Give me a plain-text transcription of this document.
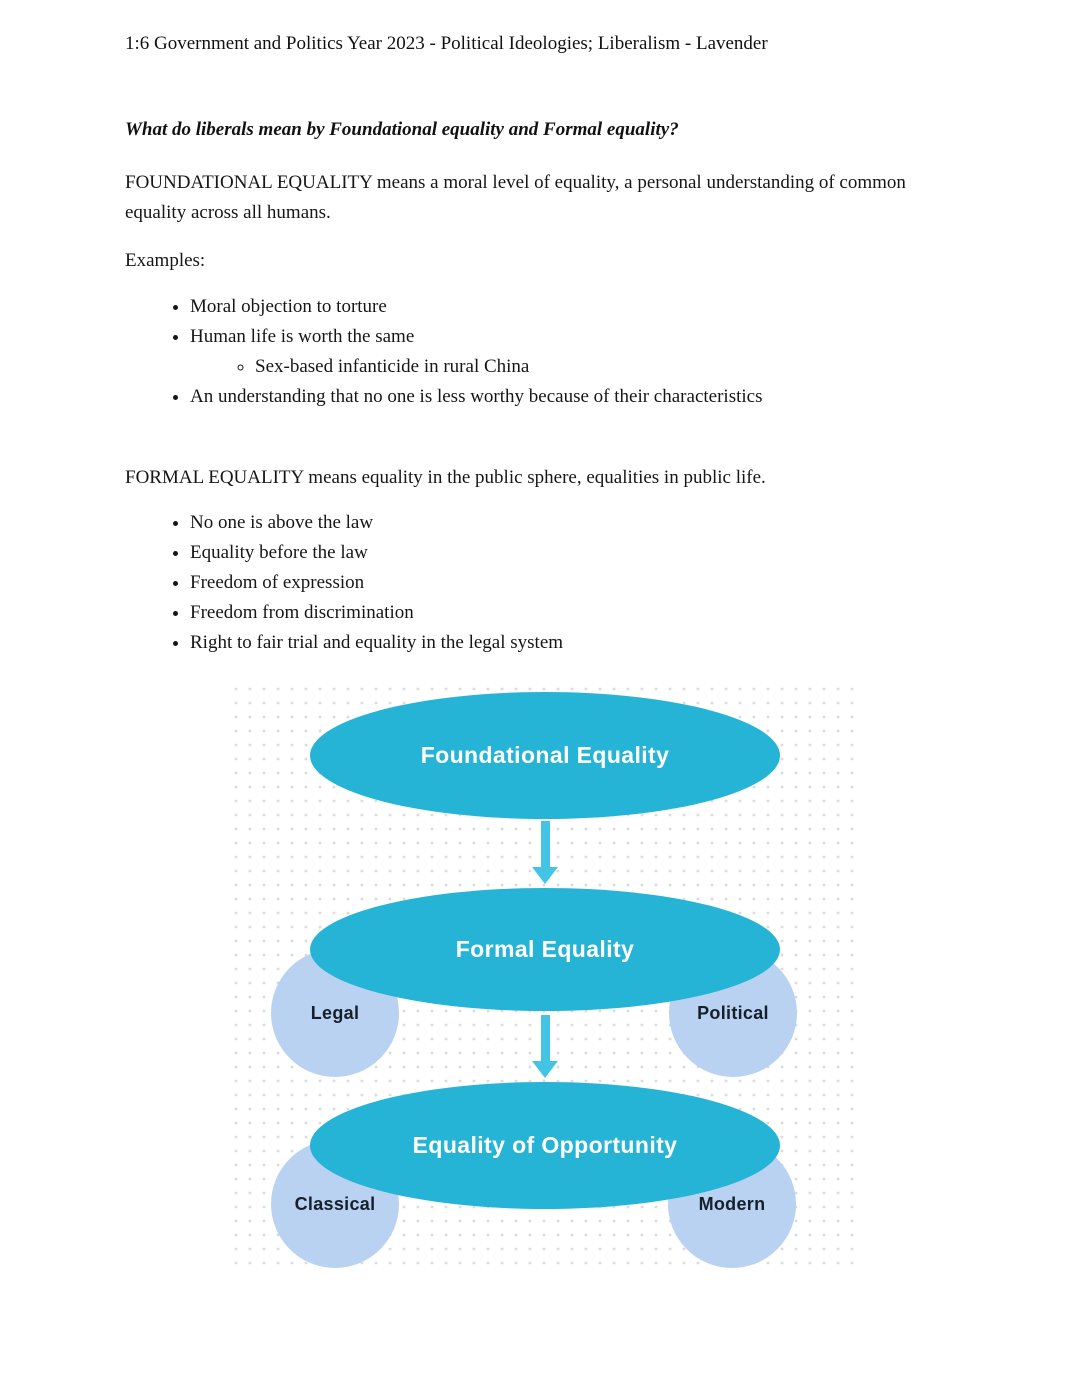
1:6 Government and Politics Year 2023 - Political Ideologies; Liberalism - Lavender
What do liberals mean by Foundational equality and Formal equality?

FOUNDATIONAL EQUALITY means a moral level of equality, a personal understanding of common equality across all humans.

Examples:

• Moral objection to torture
• Human life is worth the same
◦ Sex-based infanticide in rural China
• An understanding that no one is less worthy because of their characteristics

FORMAL EQUALITY means equality in the public sphere, equalities in public life.

• No one is above the law
• Equality before the law
• Freedom of expression
• Freedom from discrimination
• Right to fair trial and equality in the legal system
Foundational Equality
Legal	Political
Formal Equality
Classical	Modern
Equality of Opportunity
